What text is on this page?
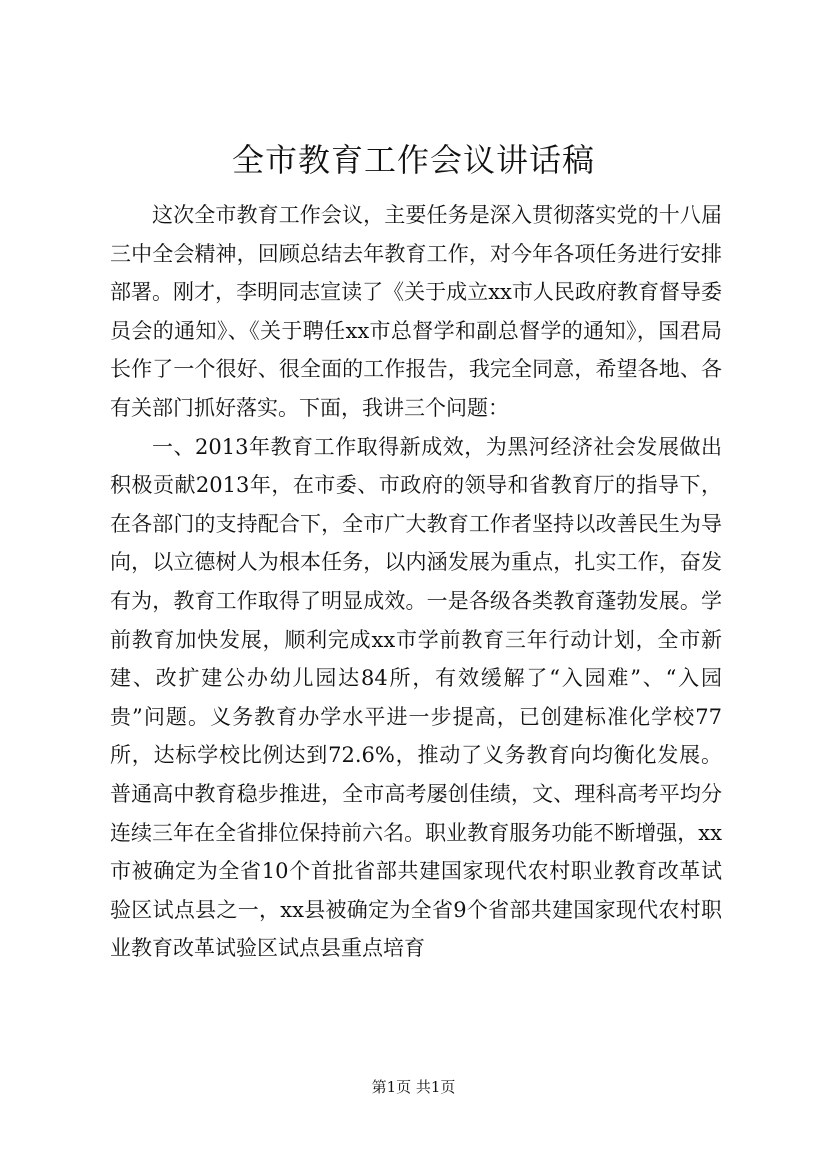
全市教育工作会议讲话稿

这次全市教育工作会议，主要任务是深入贯彻落实党的十八届三中全会精神，回顾总结去年教育工作，对今年各项任务进行安排部署。刚才，李明同志宣读了《关于成立xx市人民政府教育督导委员会的通知》、《关于聘任xx市总督学和副总督学的通知》，国君局长作了一个很好、很全面的工作报告，我完全同意，希望各地、各有关部门抓好落实。下面，我讲三个问题：

一、2013年教育工作取得新成效，为黑河经济社会发展做出积极贡献2013年，在市委、市政府的领导和省教育厅的指导下，在各部门的支持配合下，全市广大教育工作者坚持以改善民生为导向，以立德树人为根本任务，以内涵发展为重点，扎实工作，奋发有为，教育工作取得了明显成效。一是各级各类教育蓬勃发展。学前教育加快发展，顺利完成xx市学前教育三年行动计划，全市新建、改扩建公办幼儿园达84所，有效缓解了“入园难”、“入园贵”问题。义务教育办学水平进一步提高，已创建标准化学校77所，达标学校比例达到72.6%，推动了义务教育向均衡化发展。普通高中教育稳步推进，全市高考屡创佳绩，文、理科高考平均分连续三年在全省排位保持前六名。职业教育服务功能不断增强，xx市被确定为全省10个首批省部共建国家现代农村职业教育改革试验区试点县之一，xx县被确定为全省9个省部共建国家现代农村职业教育改革试验区试点县重点培育

第1页 共1页
